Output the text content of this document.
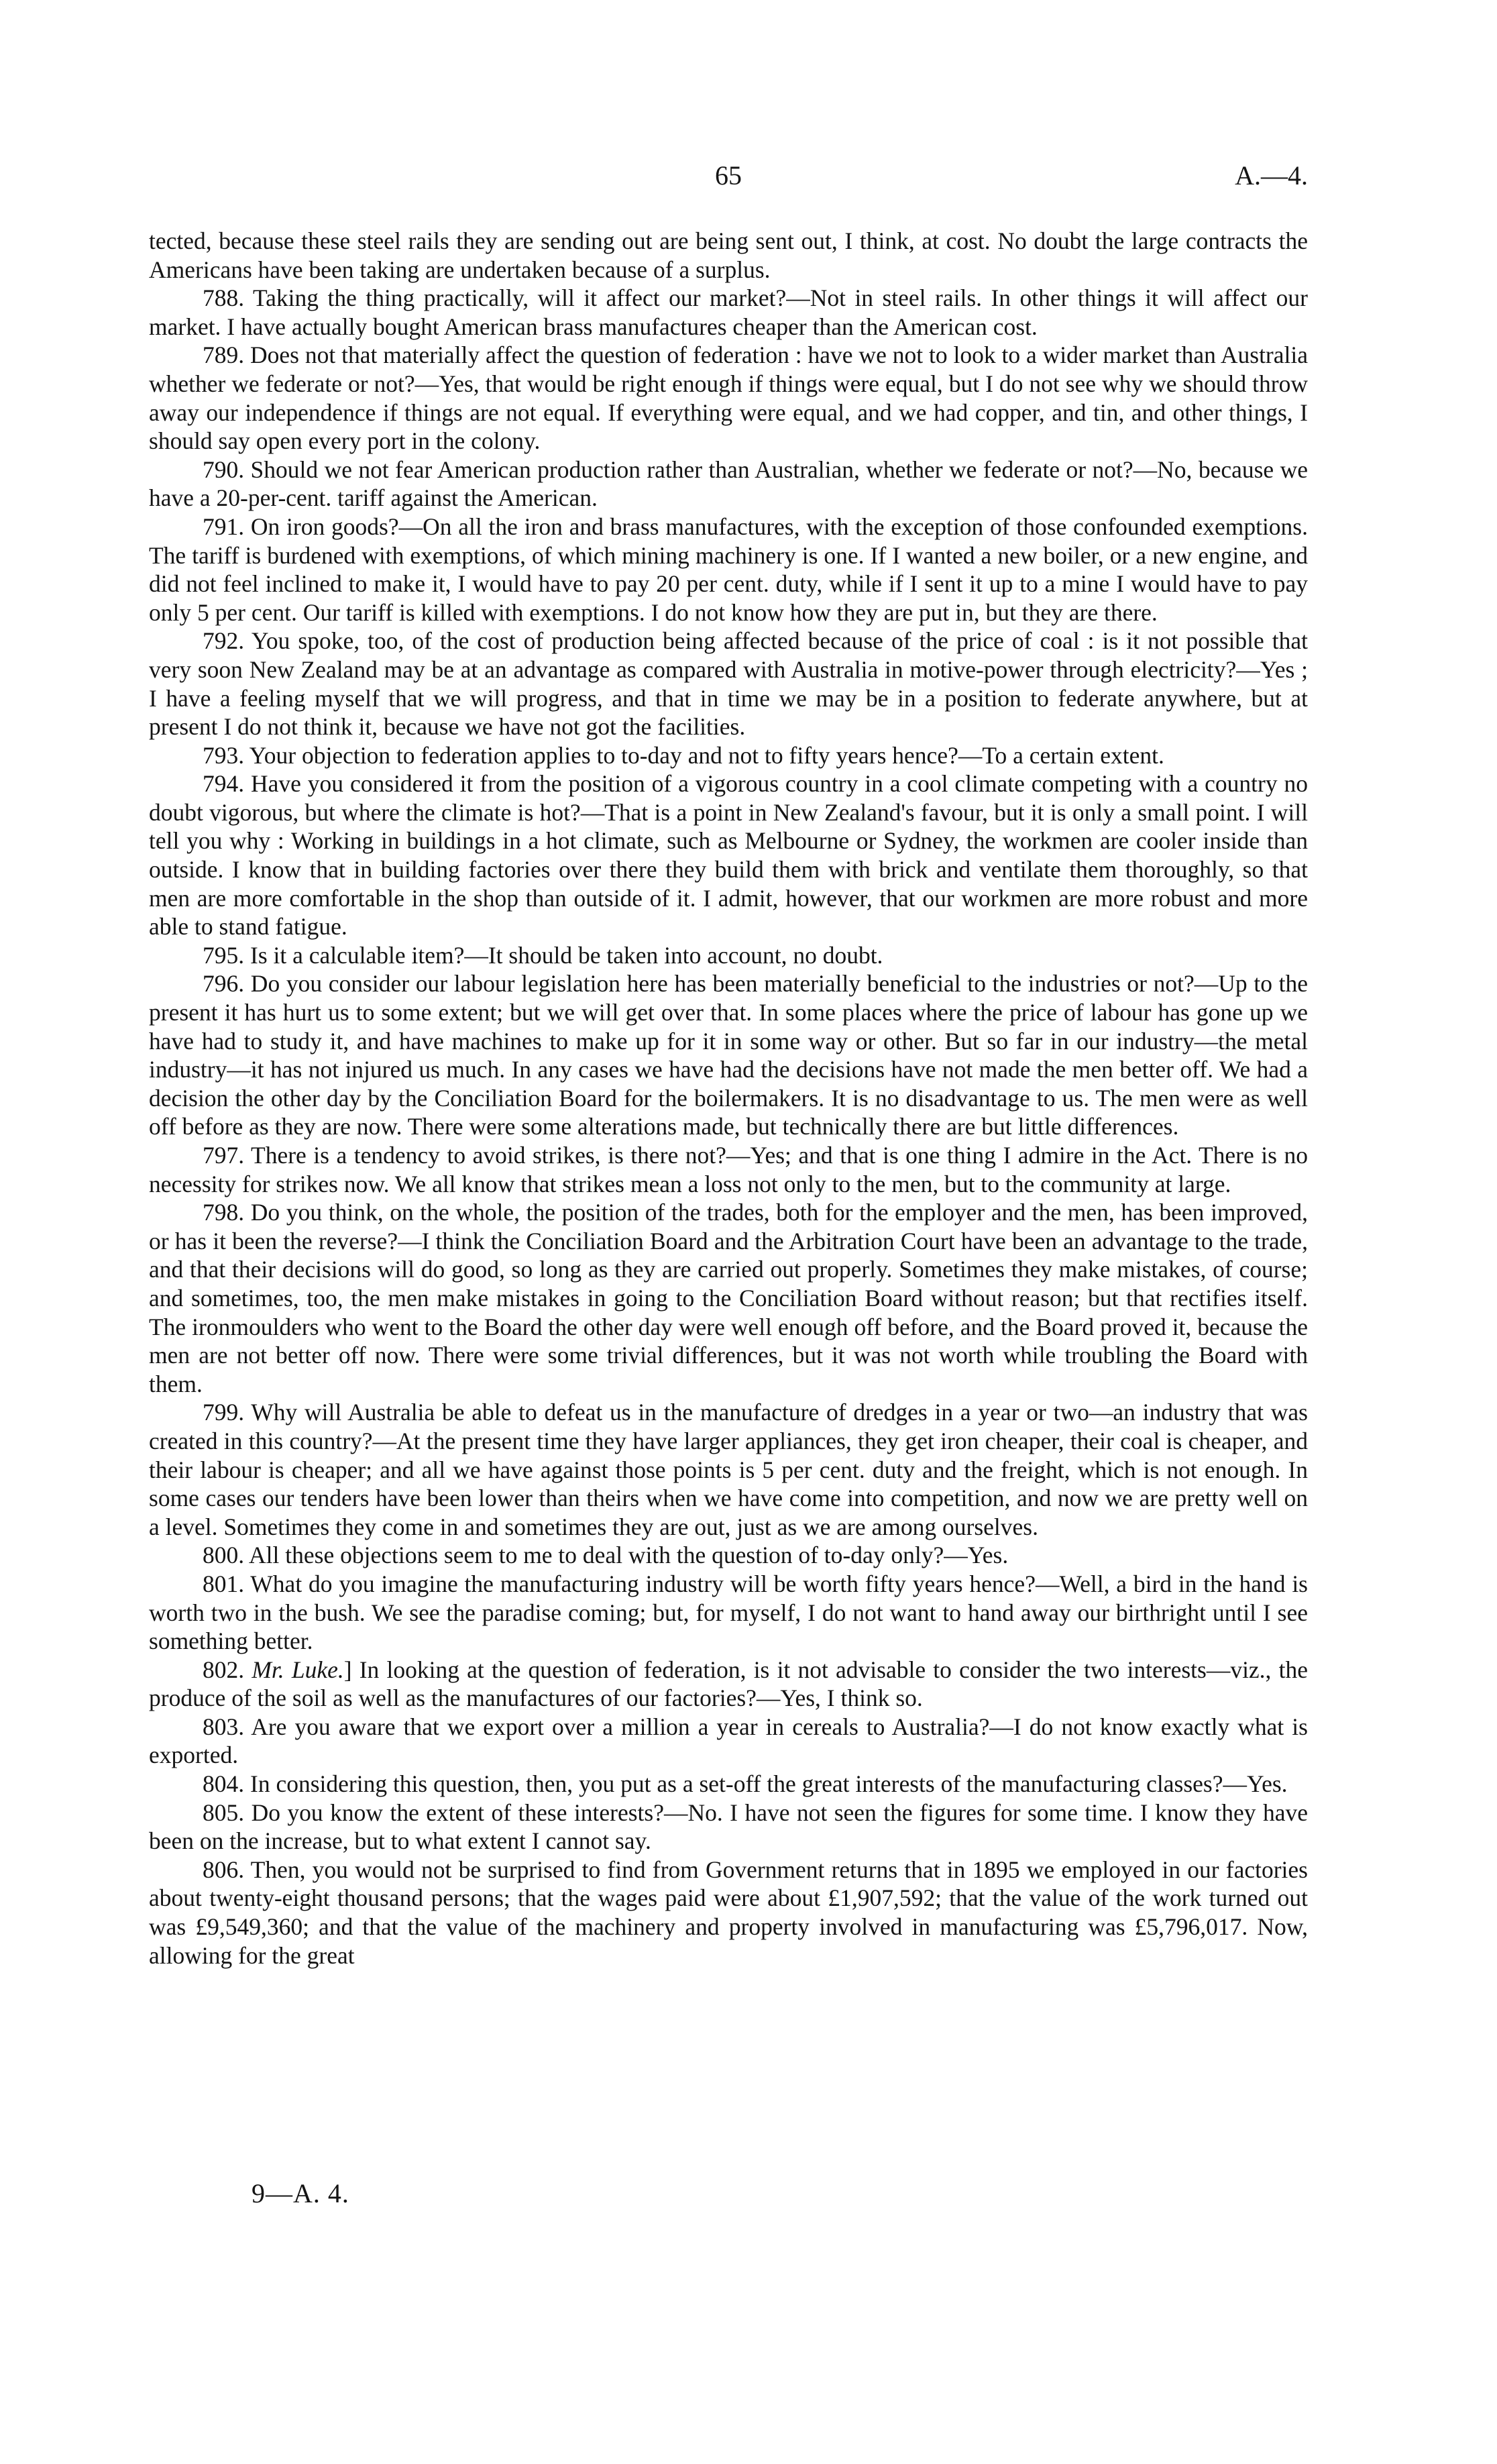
65	A.—4.

tected, because these steel rails they are sending out are being sent out, I think, at cost. No doubt the large contracts the Americans have been taking are undertaken because of a surplus.

788. Taking the thing practically, will it affect our market?—Not in steel rails. In other things it will affect our market. I have actually bought American brass manufactures cheaper than the American cost.

789. Does not that materially affect the question of federation : have we not to look to a wider market than Australia whether we federate or not?—Yes, that would be right enough if things were equal, but I do not see why we should throw away our independence if things are not equal. If everything were equal, and we had copper, and tin, and other things, I should say open every port in the colony.

790. Should we not fear American production rather than Australian, whether we federate or not?—No, because we have a 20-per-cent. tariff against the American.

791. On iron goods?—On all the iron and brass manufactures, with the exception of those confounded exemptions. The tariff is burdened with exemptions, of which mining machinery is one. If I wanted a new boiler, or a new engine, and did not feel inclined to make it, I would have to pay 20 per cent. duty, while if I sent it up to a mine I would have to pay only 5 per cent. Our tariff is killed with exemptions. I do not know how they are put in, but they are there.

792. You spoke, too, of the cost of production being affected because of the price of coal : is it not possible that very soon New Zealand may be at an advantage as compared with Australia in motive-power through electricity?—Yes ; I have a feeling myself that we will progress, and that in time we may be in a position to federate anywhere, but at present I do not think it, because we have not got the facilities.

793. Your objection to federation applies to to-day and not to fifty years hence?—To a certain extent.

794. Have you considered it from the position of a vigorous country in a cool climate competing with a country no doubt vigorous, but where the climate is hot?—That is a point in New Zealand's favour, but it is only a small point. I will tell you why : Working in buildings in a hot climate, such as Melbourne or Sydney, the workmen are cooler inside than outside. I know that in building factories over there they build them with brick and ventilate them thoroughly, so that men are more comfortable in the shop than outside of it. I admit, however, that our workmen are more robust and more able to stand fatigue.

795. Is it a calculable item?—It should be taken into account, no doubt.

796. Do you consider our labour legislation here has been materially beneficial to the industries or not?—Up to the present it has hurt us to some extent; but we will get over that. In some places where the price of labour has gone up we have had to study it, and have machines to make up for it in some way or other. But so far in our industry—the metal industry—it has not injured us much. In any cases we have had the decisions have not made the men better off. We had a decision the other day by the Conciliation Board for the boilermakers. It is no disadvantage to us. The men were as well off before as they are now. There were some alterations made, but technically there are but little differences.

797. There is a tendency to avoid strikes, is there not?—Yes; and that is one thing I admire in the Act. There is no necessity for strikes now. We all know that strikes mean a loss not only to the men, but to the community at large.

798. Do you think, on the whole, the position of the trades, both for the employer and the men, has been improved, or has it been the reverse?—I think the Conciliation Board and the Arbitration Court have been an advantage to the trade, and that their decisions will do good, so long as they are carried out properly. Sometimes they make mistakes, of course; and sometimes, too, the men make mistakes in going to the Conciliation Board without reason; but that rectifies itself. The ironmoulders who went to the Board the other day were well enough off before, and the Board proved it, because the men are not better off now. There were some trivial differences, but it was not worth while troubling the Board with them.

799. Why will Australia be able to defeat us in the manufacture of dredges in a year or two—an industry that was created in this country?—At the present time they have larger appliances, they get iron cheaper, their coal is cheaper, and their labour is cheaper; and all we have against those points is 5 per cent. duty and the freight, which is not enough. In some cases our tenders have been lower than theirs when we have come into competition, and now we are pretty well on a level. Sometimes they come in and sometimes they are out, just as we are among ourselves.

800. All these objections seem to me to deal with the question of to-day only?—Yes.

801. What do you imagine the manufacturing industry will be worth fifty years hence?—Well, a bird in the hand is worth two in the bush. We see the paradise coming; but, for myself, I do not want to hand away our birthright until I see something better.

802. Mr. Luke.] In looking at the question of federation, is it not advisable to consider the two interests—viz., the produce of the soil as well as the manufactures of our factories?—Yes, I think so.

803. Are you aware that we export over a million a year in cereals to Australia?—I do not know exactly what is exported.

804. In considering this question, then, you put as a set-off the great interests of the manufacturing classes?—Yes.

805. Do you know the extent of these interests?—No. I have not seen the figures for some time. I know they have been on the increase, but to what extent I cannot say.

806. Then, you would not be surprised to find from Government returns that in 1895 we employed in our factories about twenty-eight thousand persons; that the wages paid were about £1,907,592; that the value of the work turned out was £9,549,360; and that the value of the machinery and property involved in manufacturing was £5,796,017. Now, allowing for the great

9—A. 4.
